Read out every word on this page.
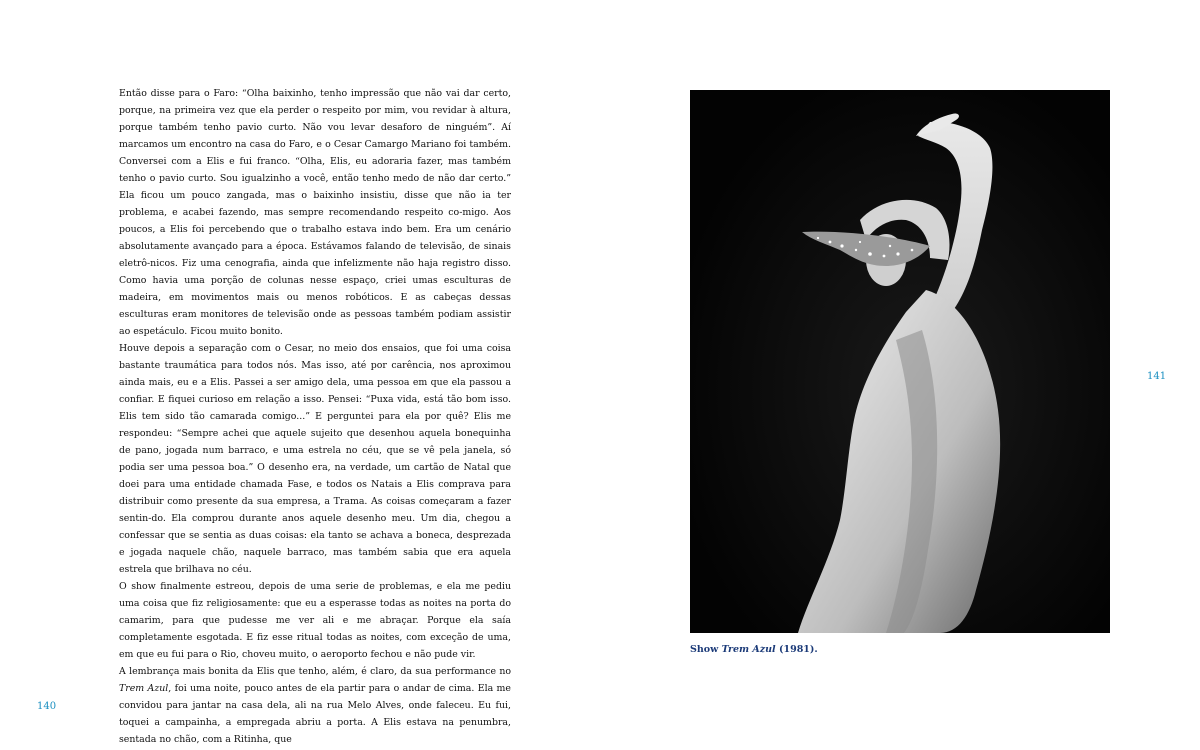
Então disse para o Faro: “Olha baixinho, tenho impressão que não vai dar certo, porque, na primeira vez que ela perder o respeito por mim, vou revidar à altura, porque também tenho pavio curto. Não vou levar desaforo de ninguém”. Aí marcamos um encontro na casa do Faro, e o Cesar Camargo Mariano foi também. Conversei com a Elis e fui franco. “Olha, Elis, eu adoraria fazer, mas também tenho o pavio curto. Sou igualzinho a você, então tenho medo de não dar certo.” Ela ficou um pouco zangada, mas o baixinho insistiu, disse que não ia ter problema, e acabei fazendo, mas sempre recomendando respeito co-migo. Aos poucos, a Elis foi percebendo que o trabalho estava indo bem. Era um cenário absolutamente avançado para a época. Estávamos falando de televisão, de sinais eletrô-nicos. Fiz uma cenografia, ainda que infelizmente não haja registro disso. Como havia uma porção de colunas nesse espaço, criei umas esculturas de madeira, em movimentos mais ou menos robóticos. E as cabeças dessas esculturas eram monitores de televisão onde as pessoas também podiam assistir ao espetáculo. Ficou muito bonito.

Houve depois a separação com o Cesar, no meio dos ensaios, que foi uma coisa bastante traumática para todos nós. Mas isso, até por carência, nos aproximou ainda mais, eu e a Elis. Passei a ser amigo dela, uma pessoa em que ela passou a confiar. E fiquei curioso em relação a isso. Pensei: “Puxa vida, está tão bom isso. Elis tem sido tão camarada comigo...” E perguntei para ela por quê? Elis me respondeu: “Sempre achei que aquele sujeito que desenhou aquela bonequinha de pano, jogada num barraco, e uma estrela no céu, que se vê pela janela, só podia ser uma pessoa boa.” O desenho era, na verdade, um cartão de Natal que doei para uma entidade chamada Fase, e todos os Natais a Elis comprava para distribuir como presente da sua empresa, a Trama. As coisas começaram a fazer sentin-do. Ela comprou durante anos aquele desenho meu. Um dia, chegou a confessar que se sentia as duas coisas: ela tanto se achava a boneca, desprezada e jogada naquele chão, naquele barraco, mas também sabia que era aquela estrela que brilhava no céu.

O show finalmente estreou, depois de uma serie de problemas, e ela me pediu uma coisa que fiz religiosamente: que eu a esperasse todas as noites na porta do camarim, para que pudesse me ver ali e me abraçar. Porque ela saía completamente esgotada. E fiz esse ritual todas as noites, com exceção de uma, em que eu fui para o Rio, choveu muito, o aeroporto fechou e não pude vir.

A lembrança mais bonita da Elis que tenho, além, é claro, da sua performance no Trem Azul, foi uma noite, pouco antes de ela partir para o andar de cima. Ela me convidou para jantar na casa dela, ali na rua Melo Alves, onde faleceu. Eu fui, toquei a campainha, a empregada abriu a porta. A Elis estava na penumbra, sentada no chão, com a Ritinha, que

140
141
Show Trem Azul (1981).
